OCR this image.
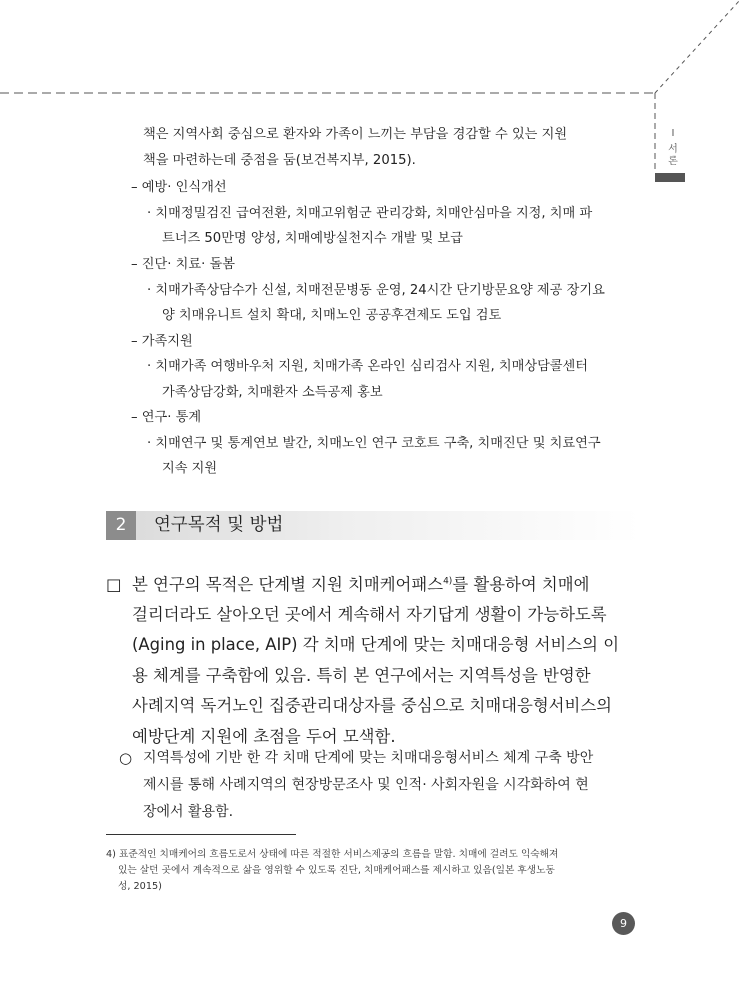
I
서론
책은 지역사회 중심으로 환자와 가족이 느끼는 부담을 경감할 수 있는 지원
책을 마련하는데 중점을 둠(보건복지부, 2015).
– 예방· 인식개선
· 치매정밀검진 급여전환, 치매고위험군 관리강화, 치매안심마을 지정, 치매 파
트너즈 50만명 양성, 치매예방실천지수 개발 및 보급
– 진단· 치료· 돌봄
· 치매가족상담수가 신설, 치매전문병동 운영, 24시간 단기방문요양 제공 장기요
양 치매유니트 설치 확대, 치매노인 공공후견제도 도입 검토
– 가족지원
· 치매가족 여행바우처 지원, 치매가족 온라인 심리검사 지원, 치매상담콜센터
가족상담강화, 치매환자 소득공제 홍보
– 연구· 통계
· 치매연구 및 통계연보 발간, 치매노인 연구 코호트 구축, 치매진단 및 치료연구
지속 지원
2	연구목적 및 방법
□ 본 연구의 목적은 단계별 지원 치매케어패스$^{4)}$를 활용하여 치매에
걸리더라도 살아오던 곳에서 계속해서 자기답게 생활이 가능하도록
(Aging in place, AIP) 각 치매 단계에 맞는 치매대응형 서비스의 이
용 체계를 구축함에 있음. 특히 본 연구에서는 지역특성을 반영한
사례지역 독거노인 집중관리대상자를 중심으로 치매대응형서비스의
예방단계 지원에 초점을 두어 모색함.
○ 지역특성에 기반 한 각 치매 단계에 맞는 치매대응형서비스 체계 구축 방안
제시를 통해 사례지역의 현장방문조사 및 인적· 사회자원을 시각화하여 현
장에서 활용함.
4) 표준적인 치매케어의 흐름도로서 상태에 따른 적절한 서비스제공의 흐름을 말함. 치매에 걸려도 익숙해져
있는 살던 곳에서 계속적으로 삶을 영위할 수 있도록 진단, 치매케어패스를 제시하고 있음(일본 후생노동
성, 2015)
9
